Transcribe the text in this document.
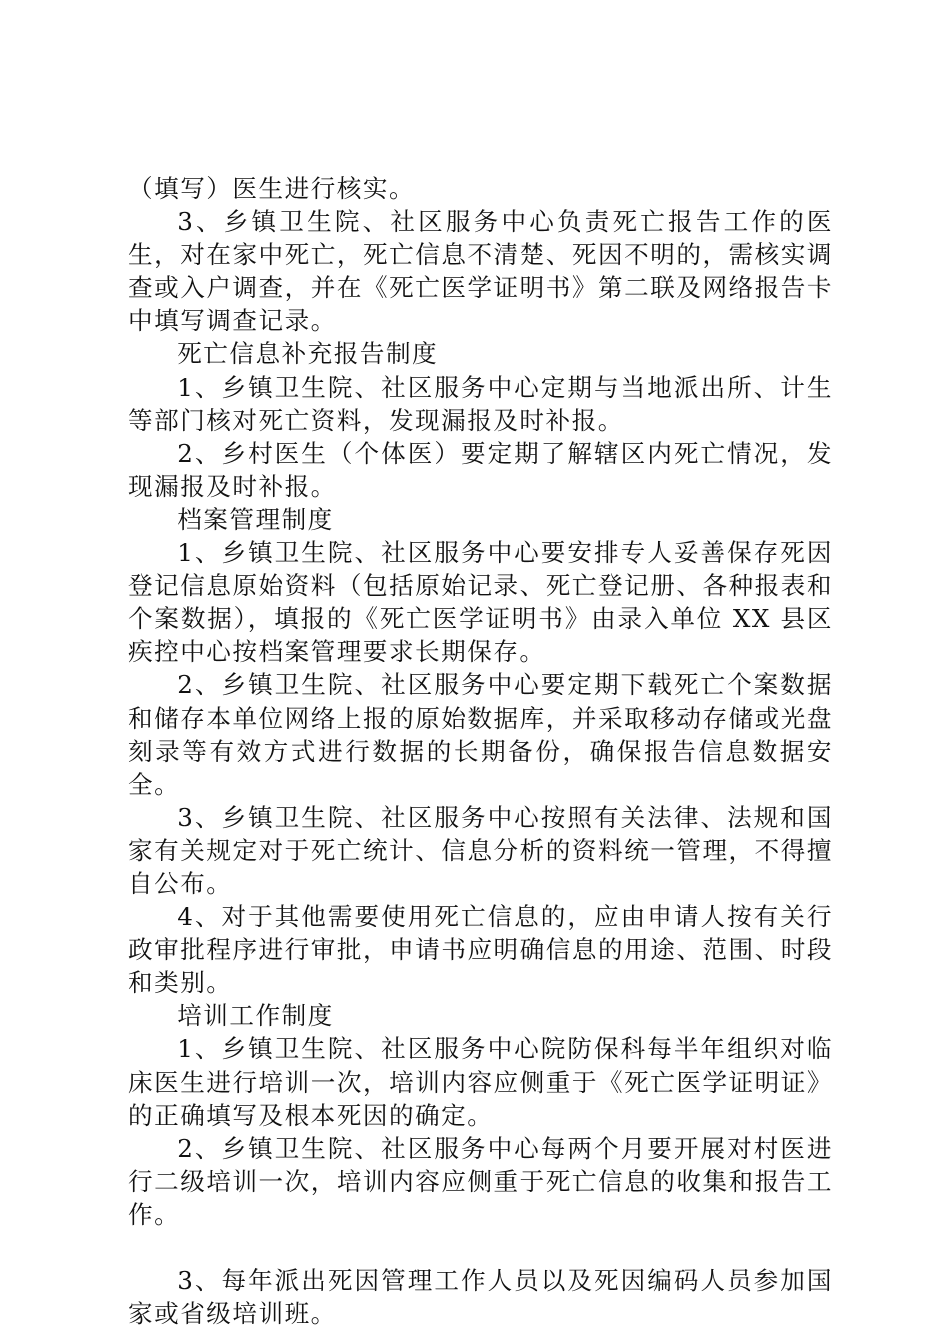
（填写）医生进行核实。

3、乡镇卫生院、社区服务中心负责死亡报告工作的医生，对在家中死亡，死亡信息不清楚、死因不明的，需核实调查或入户调查，并在《死亡医学证明书》第二联及网络报告卡中填写调查记录。

死亡信息补充报告制度

1、乡镇卫生院、社区服务中心定期与当地派出所、计生等部门核对死亡资料，发现漏报及时补报。

2、乡村医生（个体医）要定期了解辖区内死亡情况，发现漏报及时补报。

档案管理制度

1、乡镇卫生院、社区服务中心要安排专人妥善保存死因登记信息原始资料（包括原始记录、死亡登记册、各种报表和个案数据），填报的《死亡医学证明书》由录入单位 XX 县区疾控中心按档案管理要求长期保存。

2、乡镇卫生院、社区服务中心要定期下载死亡个案数据和储存本单位网络上报的原始数据库，并采取移动存储或光盘刻录等有效方式进行数据的长期备份，确保报告信息数据安全。

3、乡镇卫生院、社区服务中心按照有关法律、法规和国家有关规定对于死亡统计、信息分析的资料统一管理，不得擅自公布。

4、对于其他需要使用死亡信息的，应由申请人按有关行政审批程序进行审批，申请书应明确信息的用途、范围、时段和类别。

培训工作制度

1、乡镇卫生院、社区服务中心院防保科每半年组织对临床医生进行培训一次，培训内容应侧重于《死亡医学证明证》的正确填写及根本死因的确定。

2、乡镇卫生院、社区服务中心每两个月要开展对村医进行二级培训一次，培训内容应侧重于死亡信息的收集和报告工作。

3、每年派出死因管理工作人员以及死因编码人员参加国家或省级培训班。
